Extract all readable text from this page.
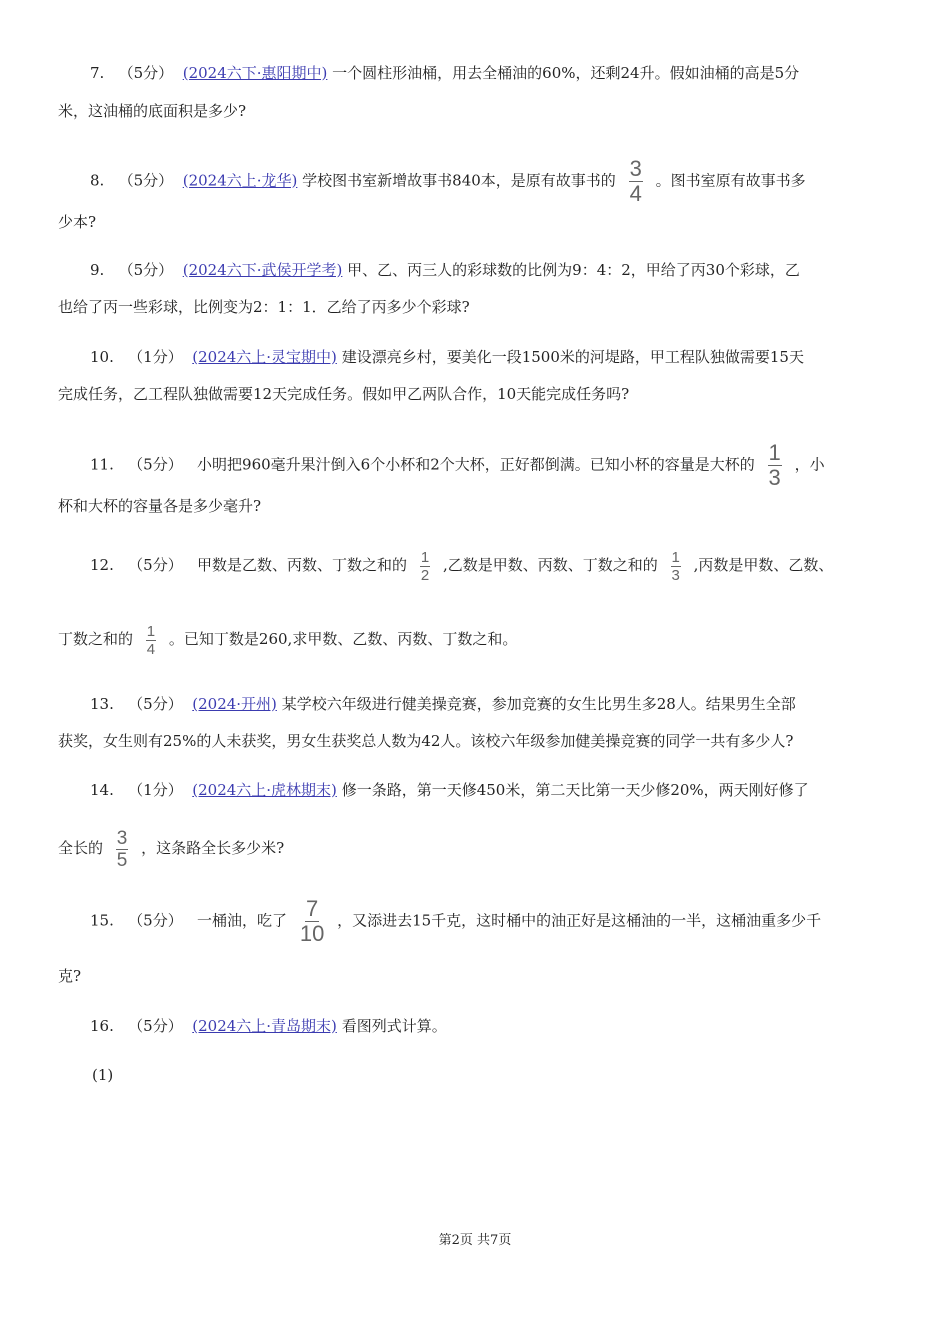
7. （5分） (2024六下·惠阳期中) 一个圆柱形油桶，用去全桶油的60%，还剩24升。假如油桶的高是5分
米，这油桶的底面积是多少?
8. （5分） (2024六上·龙华) 学校图书室新增故事书840本，是原有故事书的 $\frac{3}{4}$ 。图书室原有故事书多
少本?
9. （5分） (2024六下·武侯开学考) 甲、乙、丙三人的彩球数的比例为9：4：2，甲给了丙30个彩球，乙
也给了丙一些彩球，比例变为2：1：1．乙给了丙多少个彩球?
10. （1分） (2024六上·灵宝期中) 建设漂亮乡村，要美化一段1500米的河堤路，甲工程队独做需要15天
完成任务，乙工程队独做需要12天完成任务。假如甲乙两队合作，10天能完成任务吗?
11. （5分） 小明把960毫升果汁倒入6个小杯和2个大杯，正好都倒满。已知小杯的容量是大杯的 $\frac{1}{3}$ ，小
杯和大杯的容量各是多少毫升?
12. （5分） 甲数是乙数、丙数、丁数之和的 $\frac{1}{2}$ ,乙数是甲数、丙数、丁数之和的 $\frac{1}{3}$ ,丙数是甲数、乙数、
丁数之和的 $\frac{1}{4}$ 。已知丁数是260,求甲数、乙数、丙数、丁数之和。
13. （5分） (2024·开州) 某学校六年级进行健美操竞赛，参加竞赛的女生比男生多28人。结果男生全部
获奖，女生则有25%的人未获奖，男女生获奖总人数为42人。该校六年级参加健美操竞赛的同学一共有多少人?
14. （1分） (2024六上·虎林期末) 修一条路，第一天修450米，第二天比第一天少修20%，两天刚好修了
全长的 $\frac{3}{5}$ ，这条路全长多少米?
15. （5分） 一桶油，吃了 $\frac{7}{10}$ ，又添进去15千克，这时桶中的油正好是这桶油的一半，这桶油重多少千
克?
16. （5分） (2024六上·青岛期末) 看图列式计算。
(1)
第2页 共7页
